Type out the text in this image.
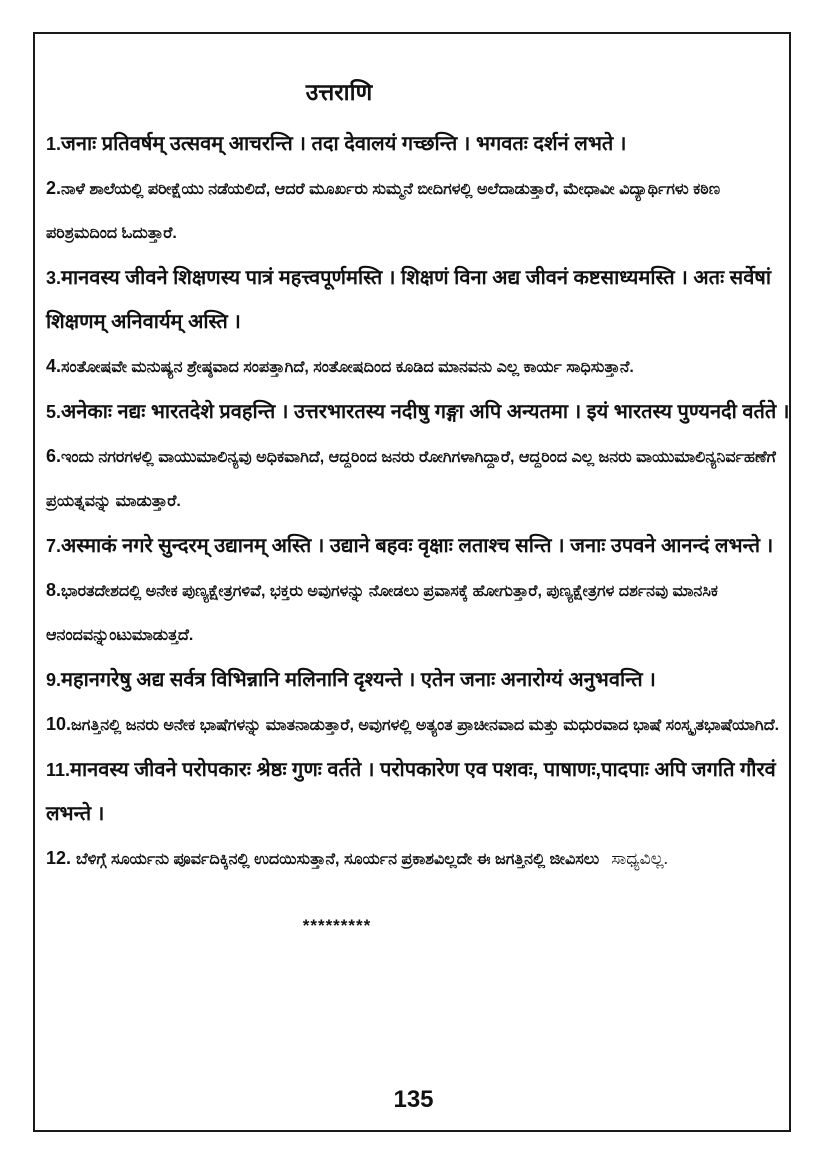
उत्तराणि

1.जनाः प्रतिवर्षम् उत्सवम् आचरन्ति । तदा देवालयं गच्छन्ति । भगवतः दर्शनं लभते ।

2.ನಾಳೆ ಶಾಲೆಯಲ್ಲಿ ಪರೀಕ್ಷೆಯು ನಡೆಯಲಿದೆ, ಆದರೆ ಮೂರ್ಖರು ಸುಮ್ಮನೆ ಬೀದಿಗಳಲ್ಲಿ ಅಲೆದಾಡುತ್ತಾರೆ, ಮೇಧಾವೀ ವಿದ್ಯಾರ್ಥಿಗಳು ಕಠಿಣ ಪರಿಶ್ರಮದಿಂದ ಓದುತ್ತಾರೆ.

3.मानवस्य जीवने शिक्षणस्य पात्रं महत्त्वपूर्णमस्ति । शिक्षणं विना अद्य जीवनं कष्टसाध्यमस्ति । अतः सर्वेषां शिक्षणम् अनिवार्यम् अस्ति ।

4.ಸಂತೋಷವೇ ಮನುಷ್ಯನ ಶ್ರೇಷ್ಠವಾದ ಸಂಪತ್ತಾಗಿದೆ, ಸಂತೋಷದಿಂದ ಕೂಡಿದ ಮಾನವನು ಎಲ್ಲ ಕಾರ್ಯ ಸಾಧಿಸುತ್ತಾನೆ.

5.अनेकाः नद्यः भारतदेशे प्रवहन्ति । उत्तरभारतस्य नदीषु गङ्गा अपि अन्यतमा । इयं भारतस्य पुण्यनदी वर्तते ।

6.ಇಂದು ನಗರಗಳಲ್ಲಿ ವಾಯುಮಾಲಿನ್ಯವು ಅಧಿಕವಾಗಿದೆ, ಆದ್ದರಿಂದ ಜನರು ರೋಗಿಗಳಾಗಿದ್ದಾರೆ, ಆದ್ದರಿಂದ ಎಲ್ಲ ಜನರು ವಾಯುಮಾಲಿನ್ಯನಿರ್ವಹಣೆಗೆ ಪ್ರಯತ್ನವನ್ನು ಮಾಡುತ್ತಾರೆ.

7.अस्माकं नगरे सुन्दरम् उद्यानम् अस्ति । उद्याने बहवः वृक्षाः लताश्च सन्ति । जनाः उपवने आनन्दं लभन्ते ।

8.ಭಾರತದೇಶದಲ್ಲಿ ಅನೇಕ ಪುಣ್ಯಕ್ಷೇತ್ರಗಳಿವೆ, ಭಕ್ತರು ಅವುಗಳನ್ನು ನೋಡಲು ಪ್ರವಾಸಕ್ಕೆ ಹೋಗುತ್ತಾರೆ, ಪುಣ್ಯಕ್ಷೇತ್ರಗಳ ದರ್ಶನವು ಮಾನಸಿಕ ಆನಂದವನ್ನುಂಟುಮಾಡುತ್ತದೆ.

9.महानगरेषु अद्य सर्वत्र विभिन्नानि मलिनानि दृश्यन्ते । एतेन जनाः अनारोग्यं अनुभवन्ति ।

10.ಜಗತ್ತಿನಲ್ಲಿ ಜನರು ಅನೇಕ ಭಾಷೆಗಳನ್ನು ಮಾತನಾಡುತ್ತಾರೆ, ಅವುಗಳಲ್ಲಿ ಅತ್ಯಂತ ಪ್ರಾಚೀನವಾದ ಮತ್ತು ಮಧುರವಾದ ಭಾಷೆ ಸಂಸ್ಕೃತಭಾಷೆಯಾಗಿದೆ.

11.मानवस्य जीवने परोपकारः श्रेष्ठः गुणः वर्तते । परोपकारेण एव पशवः, पाषाणः,पादपाः अपि जगति गौरवं लभन्ते ।

12. ಬೆಳಿಗ್ಗೆ ಸೂರ್ಯನು ಪೂರ್ವದಿಕ್ಕಿನಲ್ಲಿ ಉದಯಿಸುತ್ತಾನೆ, ಸೂರ್ಯನ ಪ್ರಕಾಶವಿಲ್ಲದೇ ಈ ಜಗತ್ತಿನಲ್ಲಿ ಜೀವಿಸಲು ಸಾಧ್ಯವಿಲ್ಲ.

*********
135
